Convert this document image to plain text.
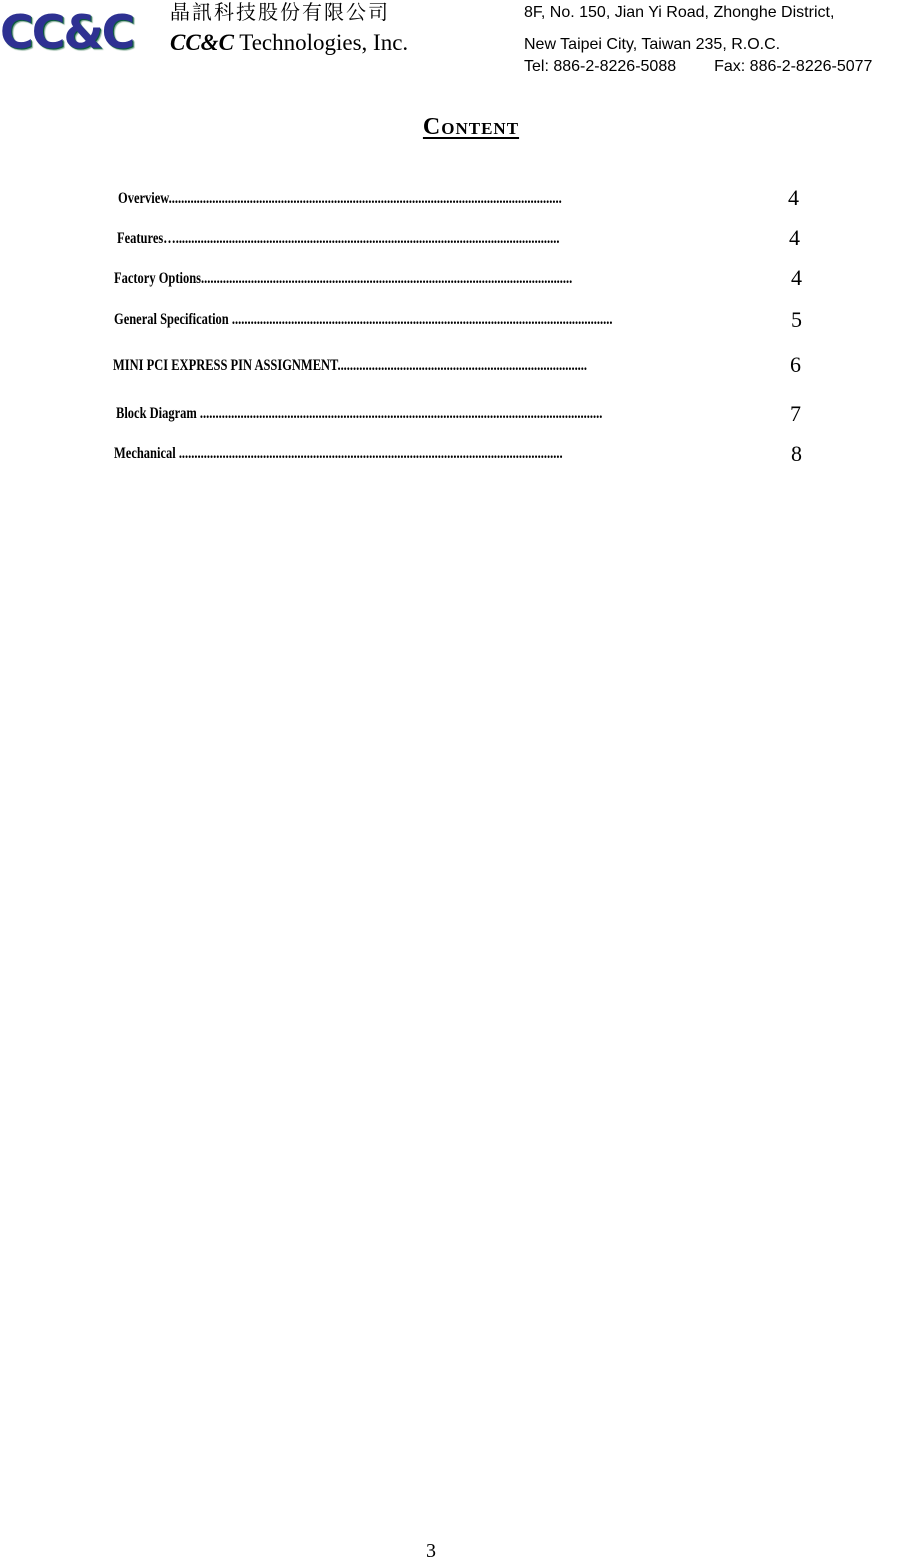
CC&C 晶訊科技股份有限公司
CC&C Technologies, Inc.
8F, No. 150, Jian Yi Road, Zhonghe District,
New Taipei City, Taiwan 235, R.O.C.
Tel: 886-2-8226-5088 Fax: 886-2-8226-5077
Content
Overview..............................................................................................................................	4
Features…...........................................................................................................................	4
Factory Options.......................................................................................................................	4
General Specification ..........................................................................................................................	5
MINI PCI EXPRESS PIN ASSIGNMENT................................................................................	6
Block Diagram .................................................................................................................................	7
Mechanical ...........................................................................................................................	8
3
